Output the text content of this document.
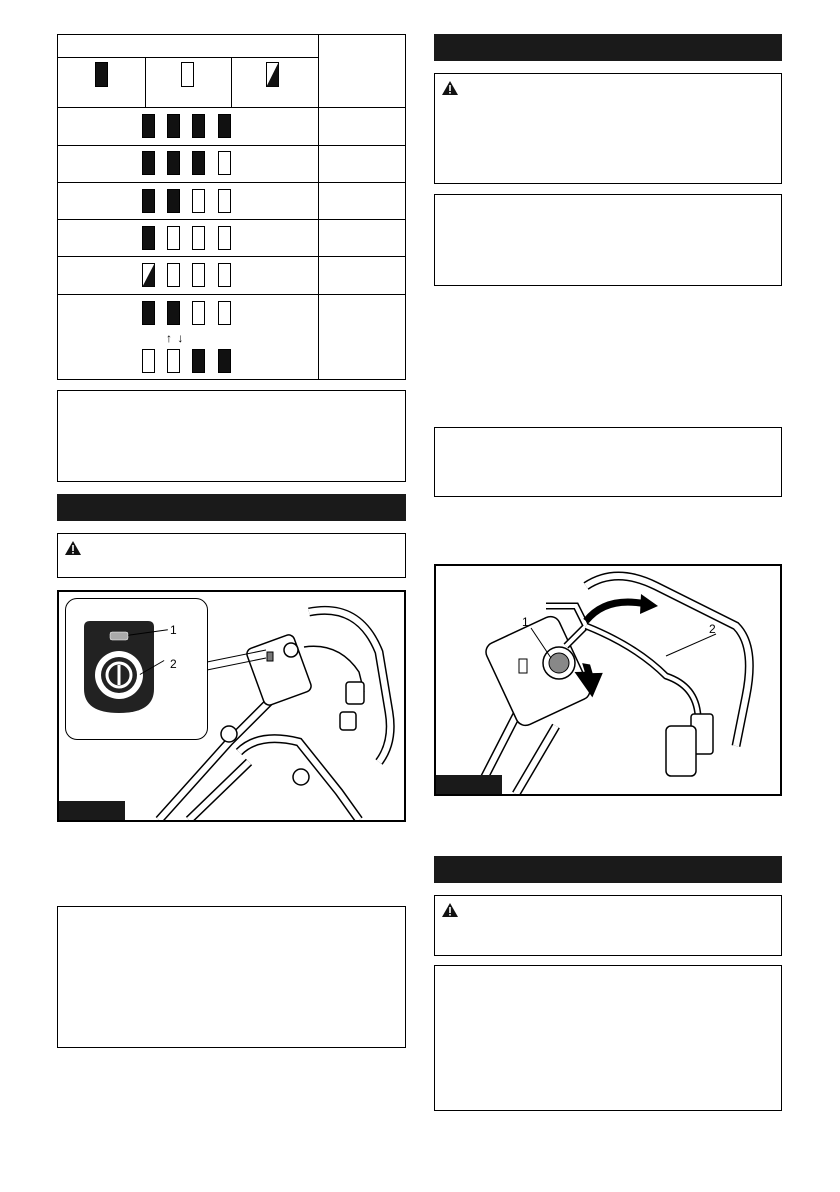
↑ ↓
1
2
1	2
